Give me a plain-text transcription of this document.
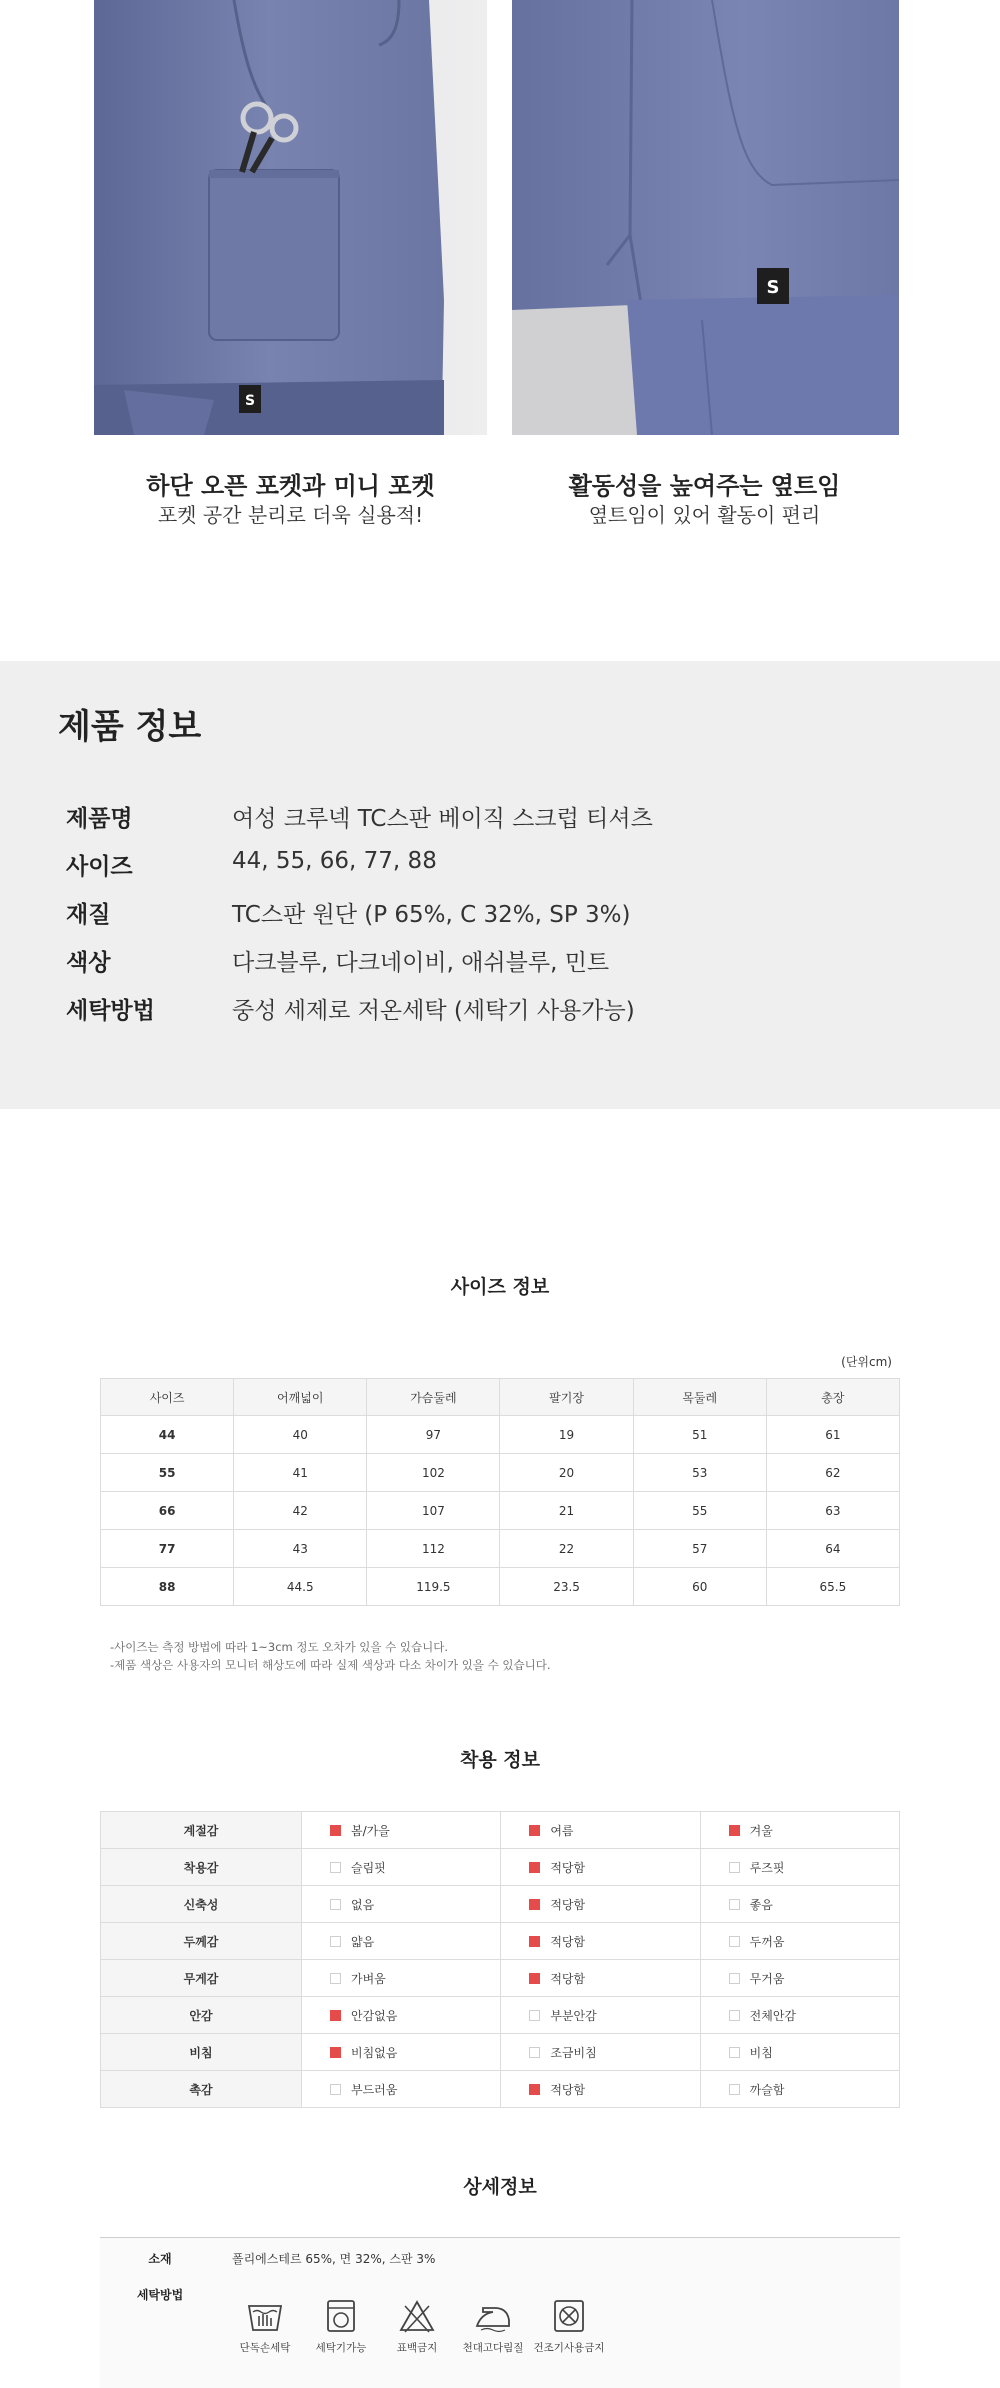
S
S
하단 오픈 포켓과 미니 포켓
포켓 공간 분리로 더욱 실용적!
활동성을 높여주는 옆트임
옆트임이 있어 활동이 편리
제품 정보
제품명	여성 크루넥 TC스판 베이직 스크럽 티셔츠
사이즈	44, 55, 66, 77, 88
재질	TC스판 원단 (P 65%, C 32%, SP 3%)
색상	다크블루, 다크네이비, 애쉬블루, 민트
세탁방법	중성 세제로 저온세탁 (세탁기 사용가능)
사이즈 정보
(단위cm)
사이즈	어깨넓이	가슴둘레	팔기장	목둘레	총장
44	40	97	19	51	61
55	41	102	20	53	62
66	42	107	21	55	63
77	43	112	22	57	64
88	44.5	119.5	23.5	60	65.5
-사이즈는 측정 방법에 따라 1~3cm 정도 오차가 있을 수 있습니다.
-제품 색상은 사용자의 모니터 해상도에 따라 실제 색상과 다소 차이가 있을 수 있습니다.
착용 정보
계절감	봄/가을	여름	겨울
착용감	슬림핏	적당함	루즈핏
신축성	없음	적당함	좋음
두께감	얇음	적당함	두꺼움
무게감	가벼움	적당함	무거움
안감	안감없음	부분안감	전체안감
비침	비침없음	조금비침	비침
촉감	부드러움	적당함	까슬함
상세정보
소재	폴리에스테르 65%, 면 32%, 스판 3%
세탁방법
단독손세탁	세탁기가능	표백금지	천대고다림질 건조기사용금지
